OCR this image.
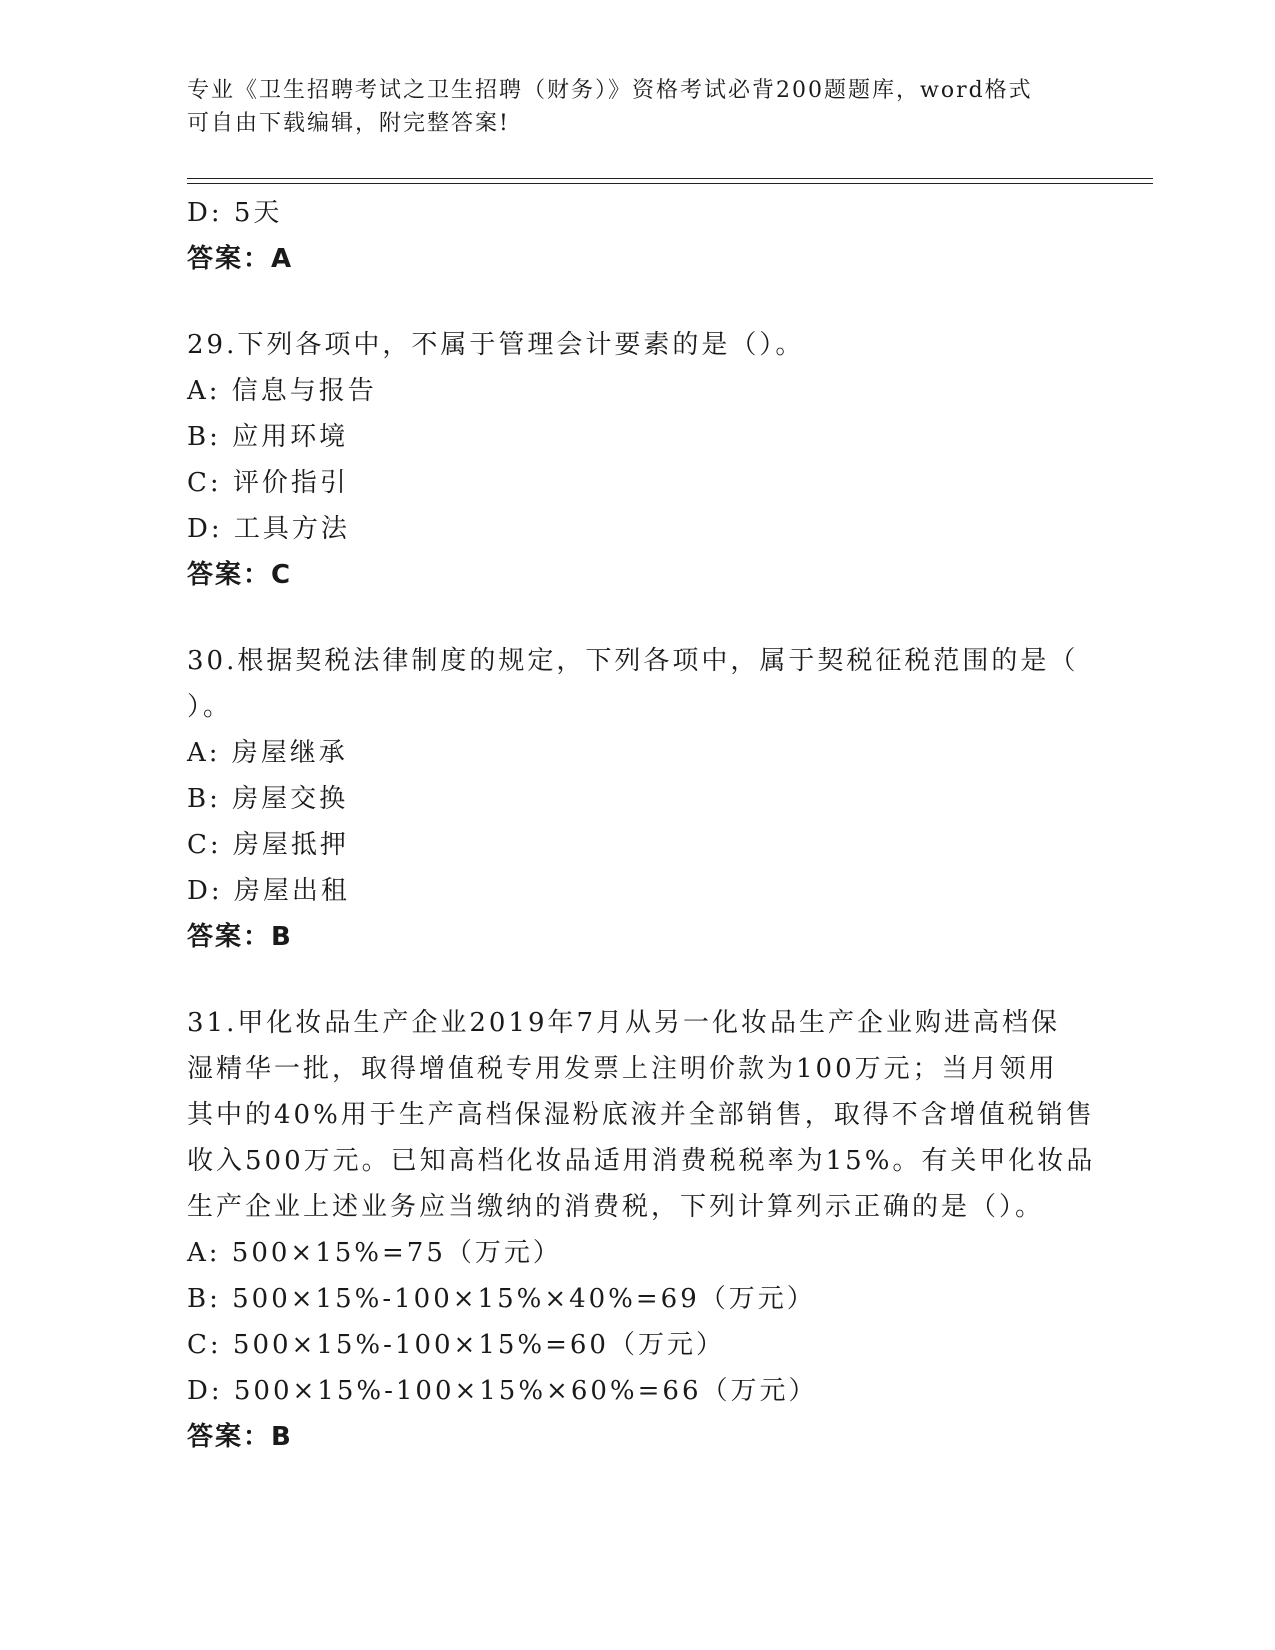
专业《卫生招聘考试之卫生招聘（财务）》资格考试必背200题题库，word格式
可自由下载编辑，附完整答案!
D: 5天
答案：A
29.下列各项中，不属于管理会计要素的是（）。
A: 信息与报告
B: 应用环境
C: 评价指引
D: 工具方法
答案：C
30.根据契税法律制度的规定，下列各项中，属于契税征税范围的是（
）。
A: 房屋继承
B: 房屋交换
C: 房屋抵押
D: 房屋出租
答案：B
31.甲化妆品生产企业2019年7月从另一化妆品生产企业购进高档保
湿精华一批，取得增值税专用发票上注明价款为100万元；当月领用
其中的40%用于生产高档保湿粉底液并全部销售，取得不含增值税销售
收入500万元。已知高档化妆品适用消费税税率为15%。有关甲化妆品
生产企业上述业务应当缴纳的消费税，下列计算列示正确的是（）。
A: 500×15%=75（万元）
B: 500×15%-100×15%×40%=69（万元）
C: 500×15%-100×15%=60（万元）
D: 500×15%-100×15%×60%=66（万元）
答案：B
